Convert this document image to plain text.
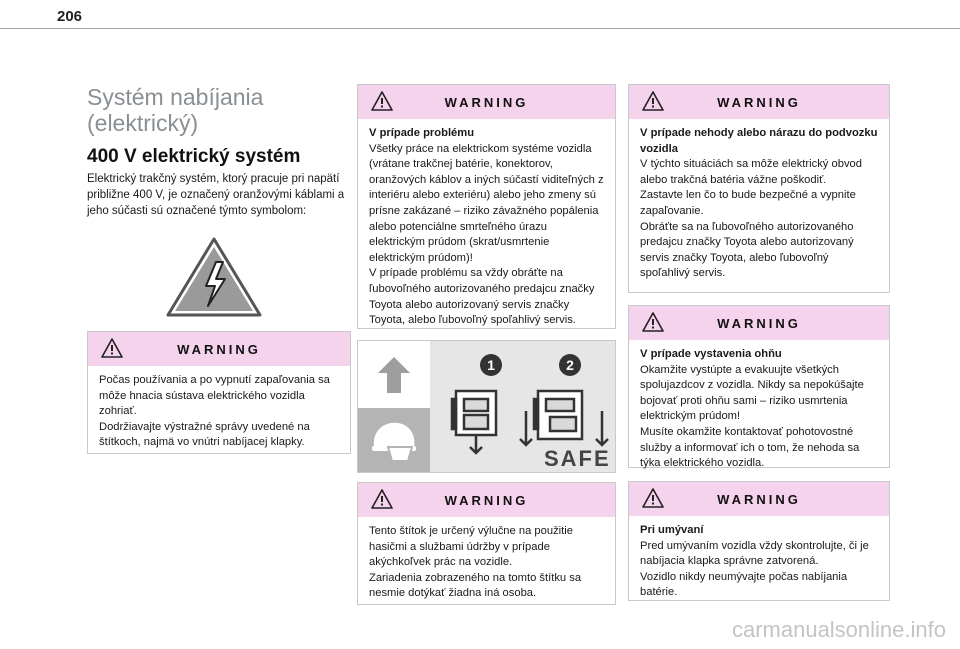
206
Systém nabíjania
(elektrický)
400 V elektrický systém
Elektrický trakčný systém, ktorý pracuje pri napätí približne 400 V, je označený oranžovými káblami a jeho súčasti sú označené týmto symbolom:
WARNING
Počas používania a po vypnutí zapaľovania sa môže hnacia sústava elektrického vozidla zohriať.
Dodržiavajte výstražné správy uvedené na štítkoch, najmä vo vnútri nabíjacej klapky.
WARNING
V prípade problému
Všetky práce na elektrickom systéme vozidla (vrátane trakčnej batérie, konektorov, oranžových káblov a iných súčastí viditeľných z interiéru alebo exteriéru) alebo jeho zmeny sú prísne zakázané – riziko závažného popálenia alebo potenciálne smrteľného úrazu elektrickým prúdom (skrat/usmrtenie elektrickým prúdom)!
V prípade problému sa vždy obráťte na ľubovoľného autorizovaného predajcu značky Toyota alebo autorizovaný servis značky Toyota, alebo ľubovoľný spoľahlivý servis.
1	2
SAFE
WARNING
Tento štítok je určený výlučne na použitie hasičmi a službami údržby v prípade akýchkoľvek prác na vozidle.
Zariadenia zobrazeného na tomto štítku sa nesmie dotýkať žiadna iná osoba.
WARNING
V prípade nehody alebo nárazu do podvozku vozidla
V týchto situáciách sa môže elektrický obvod alebo trakčná batéria vážne poškodiť.
Zastavte len čo to bude bezpečné a vypnite zapaľovanie.
Obráťte sa na ľubovoľného autorizovaného predajcu značky Toyota alebo autorizovaný servis značky Toyota, alebo ľubovoľný spoľahlivý servis.
WARNING
V prípade vystavenia ohňu
Okamžite vystúpte a evakuujte všetkých spolujazdcov z vozidla. Nikdy sa nepokúšajte bojovať proti ohňu sami – riziko usmrtenia elektrickým prúdom!
Musíte okamžite kontaktovať pohotovostné služby a informovať ich o tom, že nehoda sa týka elektrického vozidla.
WARNING
Pri umývaní
Pred umývaním vozidla vždy skontrolujte, či je nabíjacia klapka správne zatvorená.
Vozidlo nikdy neumývajte počas nabíjania batérie.
carmanualsonline.info
